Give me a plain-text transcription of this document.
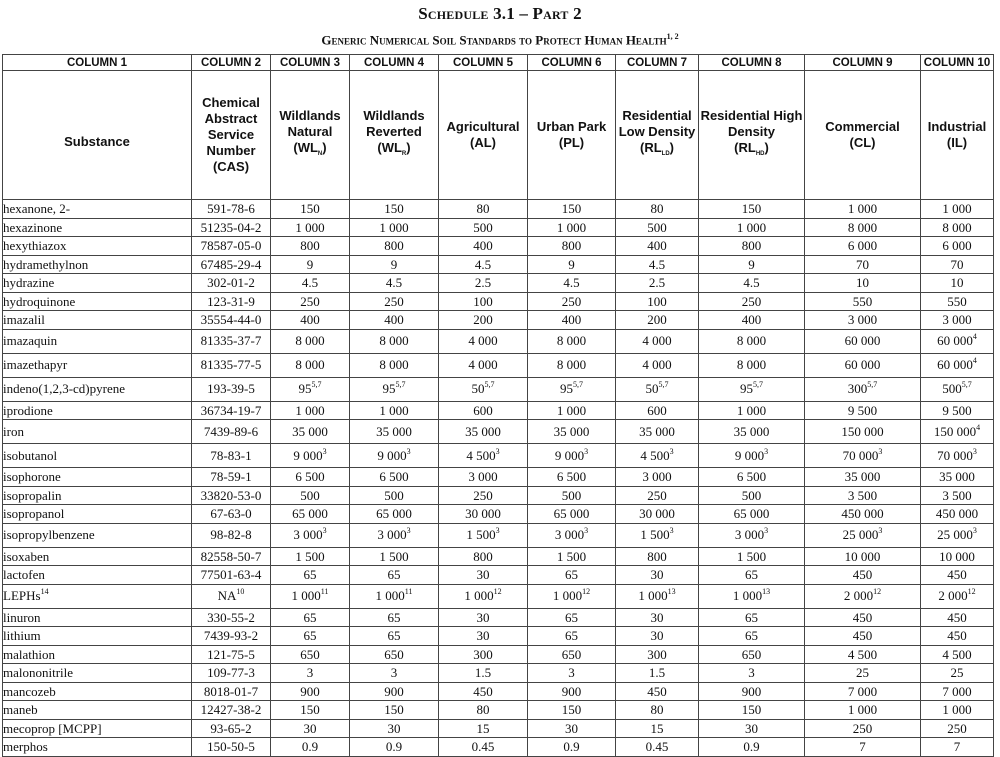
Schedule 3.1 – Part 2
Generic Numerical Soil Standards to Protect Human Health$^{1, 2}$
COLUMN 1	COLUMN 2	COLUMN 3	COLUMN 4	COLUMN 5	COLUMN 6	COLUMN 7	COLUMN 8	COLUMN 9	COLUMN 10

Substance

Chemical Abstract Service Number
(CAS)

Wildlands Natural
$(WL_N)$

Wildlands Reverted
$(WL_R)$

Agricultural
(AL)

Urban Park
(PL)

Residential Low Density
$(RL_{LD})$

Residential High Density
$(RL_{HD})$

Commercial
(CL)

Industrial
(IL)

hexanone, 2-	591-78-6	150	150	80	150	80	150	1 000	1 000
hexazinone	51235-04-2	1 000	1 000	500	1 000	500	1 000	8 000	8 000
hexythiazox	78587-05-0	800	800	400	800	400	800	6 000	6 000
hydramethylnon	67485-29-4	9	9	4.5	9	4.5	9	70	70
hydrazine	302-01-2	4.5	4.5	2.5	4.5	2.5	4.5	10	10
hydroquinone	123-31-9	250	250	100	250	100	250	550	550
imazalil	35554-44-0	400	400	200	400	200	400	3 000	3 000
imazaquin	81335-37-7	8 000	8 000	4 000	8 000	4 000	8 000	60 000	60 $000^4$
imazethapyr	81335-77-5	8 000	8 000	4 000	8 000	4 000	8 000	60 000	60 $000^4$
indeno(1,2,3-cd)pyrene	193-39-5	95$^{5,7}$	95$^{5,7}$	50$^{5,7}$	95$^{5,7}$	50$^{5,7}$	95$^{5,7}$	300$^{5,7}$	500$^{5,7}$
iprodione	36734-19-7	1 000	1 000	600	1 000	600	1 000	9 500	9 500
iron	7439-89-6	35 000	35 000	35 000	35 000	35 000	35 000	150 000	150 $000^4$
isobutanol	78-83-1	9 $000^3$	9 $000^3$	4 $500^3$	9 $000^3$	4 $500^3$	9 $000^3$	70 $000^3$	70 $000^3$
isophorone	78-59-1	6 500	6 500	3 000	6 500	3 000	6 500	35 000	35 000
isopropalin	33820-53-0	500	500	250	500	250	500	3 500	3 500
isopropanol	67-63-0	65 000	65 000	30 000	65 000	30 000	65 000	450 000	450 000
isopropylbenzene	98-82-8	3 $000^3$	3 $000^3$	1 $500^3$	3 $000^3$	1 $500^3$	3 $000^3$	25 $000^3$	25 $000^3$
isoxaben	82558-50-7	1 500	1 500	800	1 500	800	1 500	10 000	10 000
lactofen	77501-63-4	65	65	30	65	30	65	450	450
LEPHs$^{14}$	NA$^{10}$	1 $000^{11}$	1 $000^{11}$	1 $000^{12}$	1 $000^{12}$	1 $000^{13}$	1 $000^{13}$	2 $000^{12}$	2 $000^{12}$
linuron	330-55-2	65	65	30	65	30	65	450	450
lithium	7439-93-2	65	65	30	65	30	65	450	450
malathion	121-75-5	650	650	300	650	300	650	4 500	4 500
malononitrile	109-77-3	3	3	1.5	3	1.5	3	25	25
mancozeb	8018-01-7	900	900	450	900	450	900	7 000	7 000
maneb	12427-38-2	150	150	80	150	80	150	1 000	1 000
mecoprop [MCPP]	93-65-2	30	30	15	30	15	30	250	250
merphos	150-50-5	0.9	0.9	0.45	0.9	0.45	0.9	7	7
